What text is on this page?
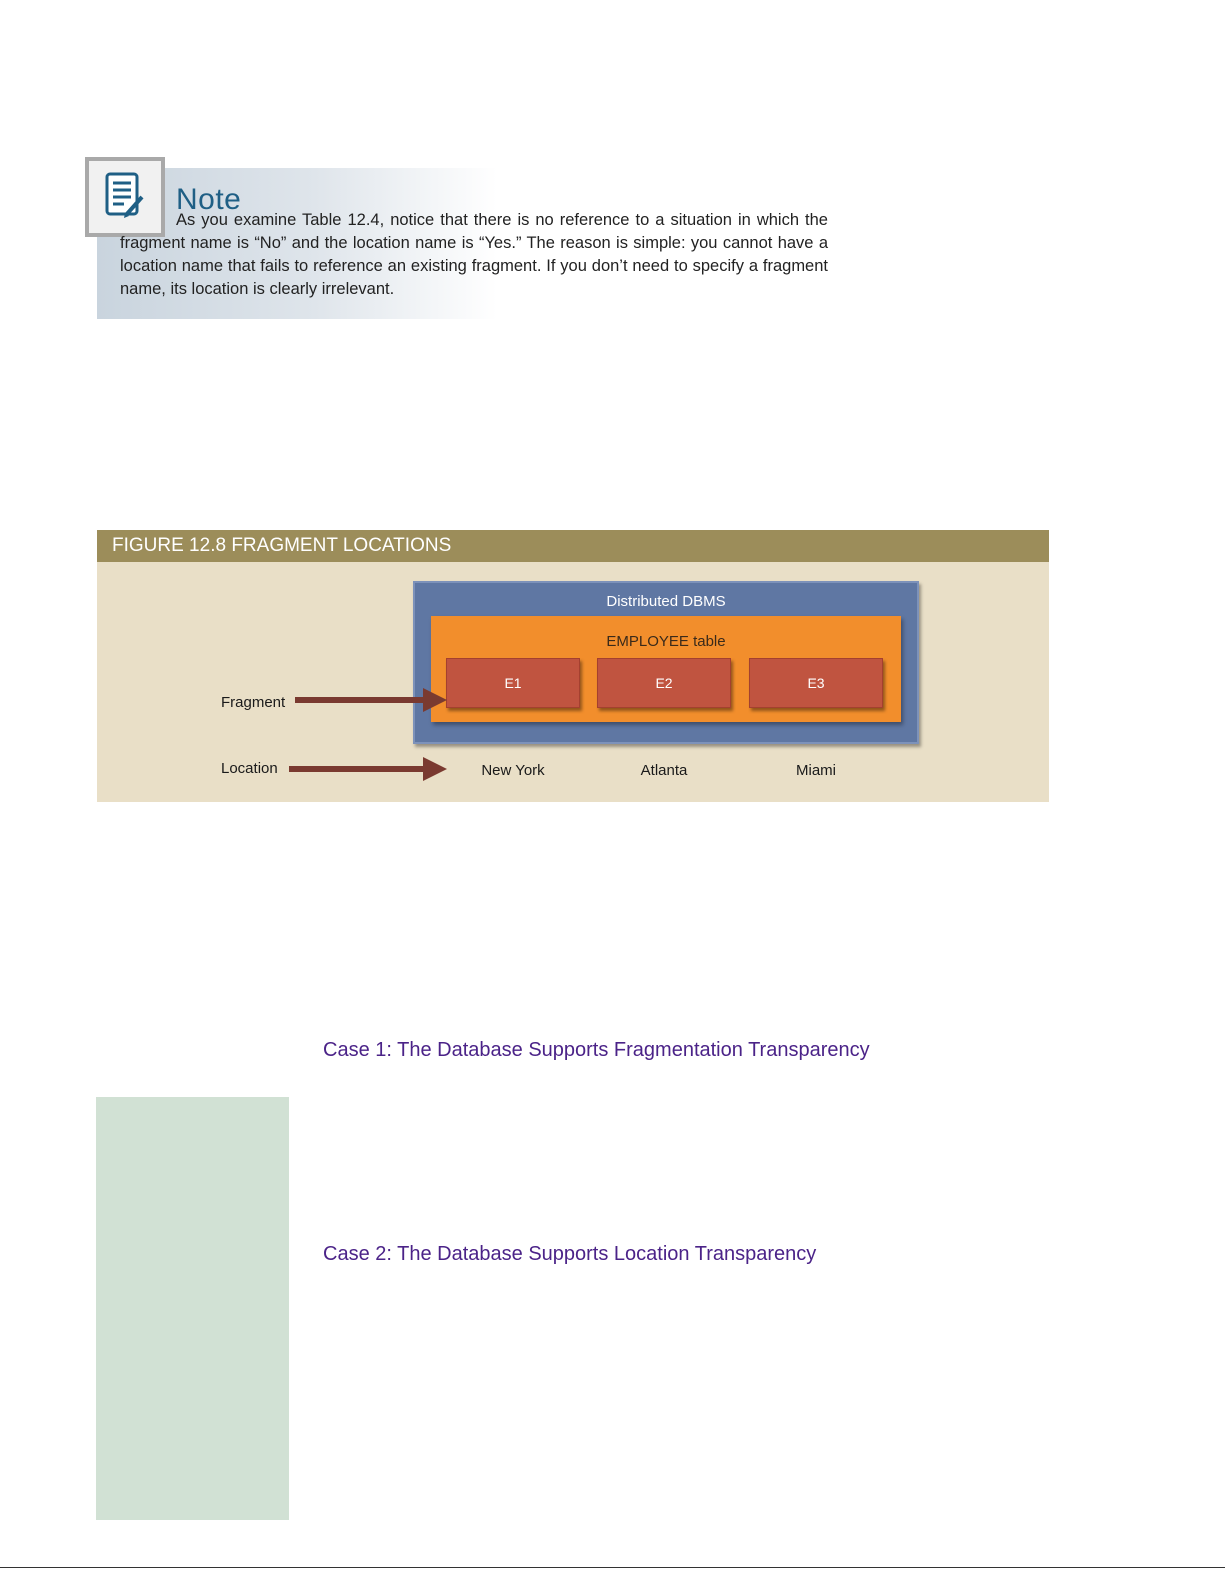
Note
As you examine Table 12.4, notice that there is no reference to a situation in which the fragment name is “No” and the location name is “Yes.” The reason is simple: you cannot have a location name that fails to reference an existing fragment. If you don’t need to specify a fragment name, its location is clearly irrelevant.
FIGURE 12.8 FRAGMENT LOCATIONS
Distributed DBMS
EMPLOYEE table
E1	E2	E3
Fragment
Location	New York	Atlanta	Miami
Case 1: The Database Supports Fragmentation Transparency
Case 2: The Database Supports Location Transparency
